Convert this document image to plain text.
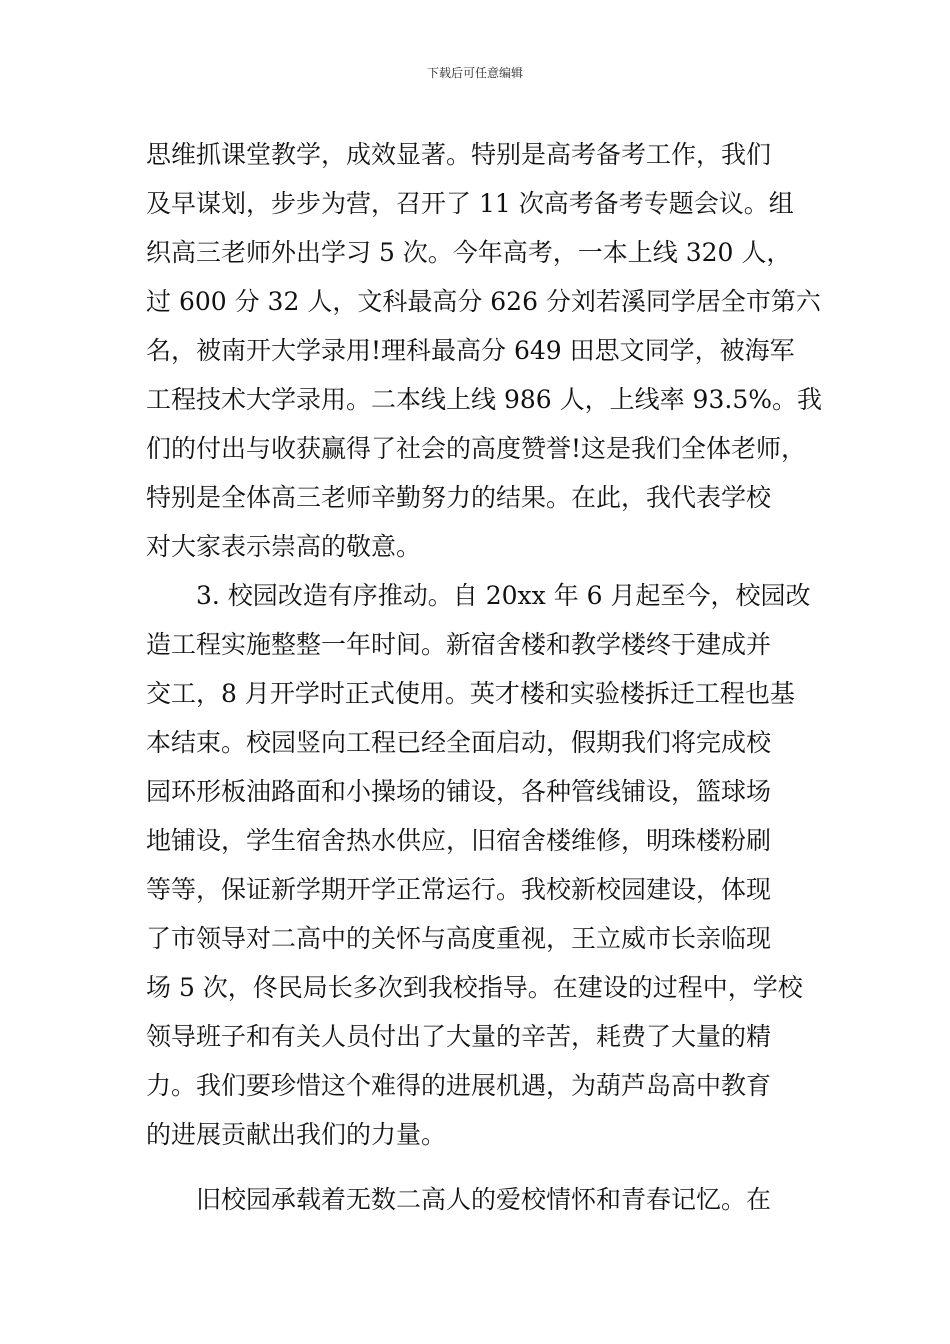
下载后可任意编辑
思维抓课堂教学，成效显著。特别是高考备考工作，我们
及早谋划，步步为营，召开了 11 次高考备考专题会议。组
织高三老师外出学习 5 次。今年高考，一本上线 320 人，
过 600 分 32 人，文科最高分 626 分刘若溪同学居全市第六
名，被南开大学录用!理科最高分 649 田思文同学，被海军
工程技术大学录用。二本线上线 986 人，上线率 93.5%。我
们的付出与收获赢得了社会的高度赞誉!这是我们全体老师，
特别是全体高三老师辛勤努力的结果。在此，我代表学校
对大家表示崇高的敬意。
　　3. 校园改造有序推动。自 20xx 年 6 月起至今，校园改
造工程实施整整一年时间。新宿舍楼和教学楼终于建成并
交工，8 月开学时正式使用。英才楼和实验楼拆迁工程也基
本结束。校园竖向工程已经全面启动，假期我们将完成校
园环形板油路面和小操场的铺设，各种管线铺设，篮球场
地铺设，学生宿舍热水供应，旧宿舍楼维修，明珠楼粉刷
等等，保证新学期开学正常运行。我校新校园建设，体现
了市领导对二高中的关怀与高度重视，王立威市长亲临现
场 5 次，佟民局长多次到我校指导。在建设的过程中，学校
领导班子和有关人员付出了大量的辛苦，耗费了大量的精
力。我们要珍惜这个难得的进展机遇，为葫芦岛高中教育
的进展贡献出我们的力量。
　　旧校园承载着无数二高人的爱校情怀和青春记忆。在
